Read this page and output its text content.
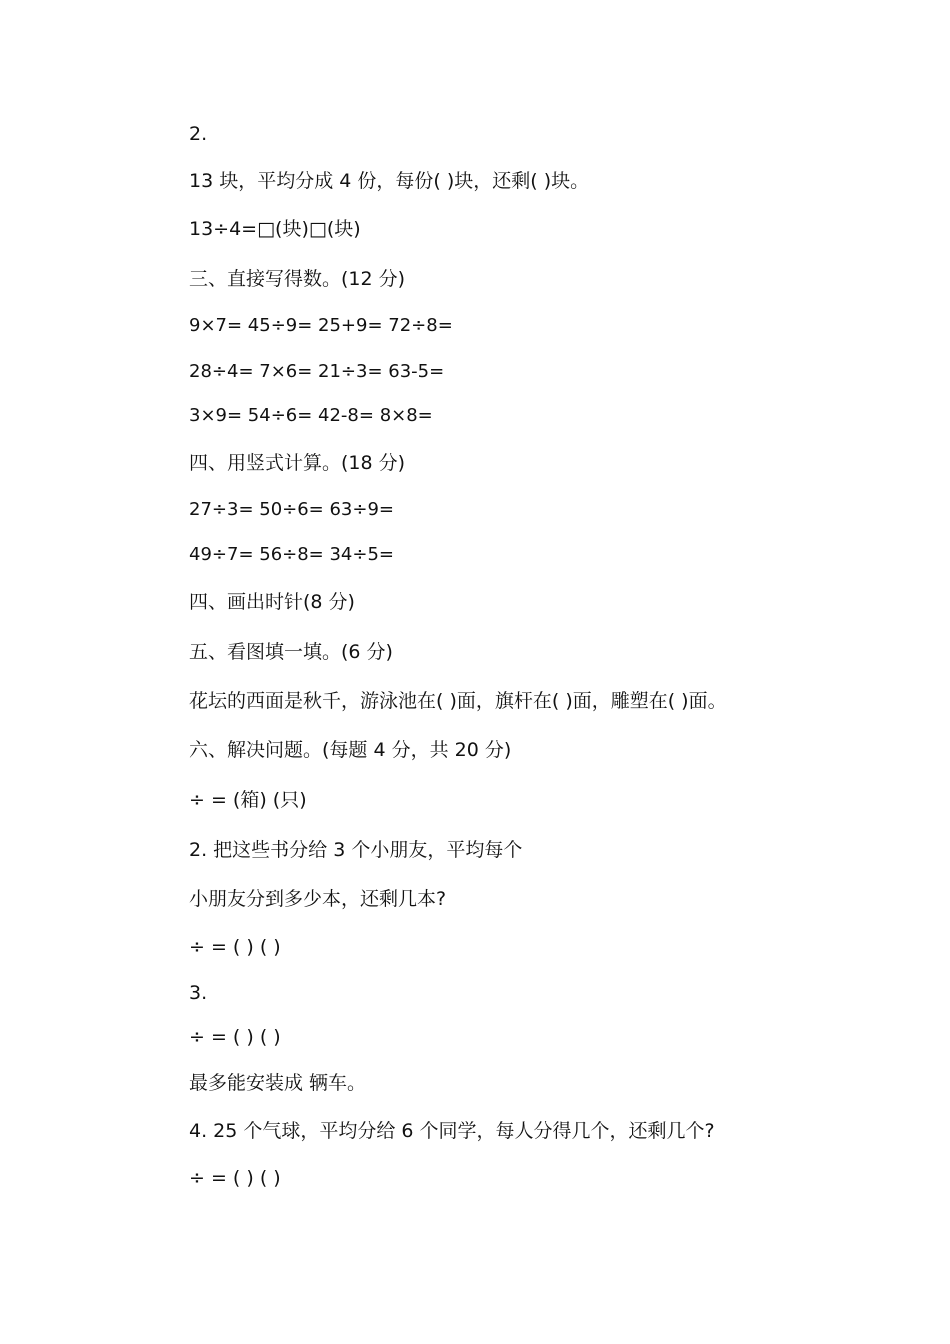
2.
13 块，平均分成 4 份，每份( )块，还剩( )块。
13÷4=□(块)□(块)
三、直接写得数。(12 分)
9×7= 45÷9= 25+9= 72÷8=
28÷4= 7×6= 21÷3= 63-5=
3×9= 54÷6= 42-8= 8×8=
四、用竖式计算。(18 分)
27÷3= 50÷6= 63÷9=
49÷7= 56÷8= 34÷5=
四、画出时针(8 分)
五、看图填一填。(6 分)
花坛的西面是秋千，游泳池在( )面，旗杆在( )面，雕塑在( )面。
六、解决问题。(每题 4 分，共 20 分)
÷ = (箱) (只)
2. 把这些书分给 3 个小朋友，平均每个
小朋友分到多少本，还剩几本?
÷ = ( ) ( )
3.
÷ = ( ) ( )
最多能安装成 辆车。
4. 25 个气球，平均分给 6 个同学，每人分得几个，还剩几个?
÷ = ( ) ( )
